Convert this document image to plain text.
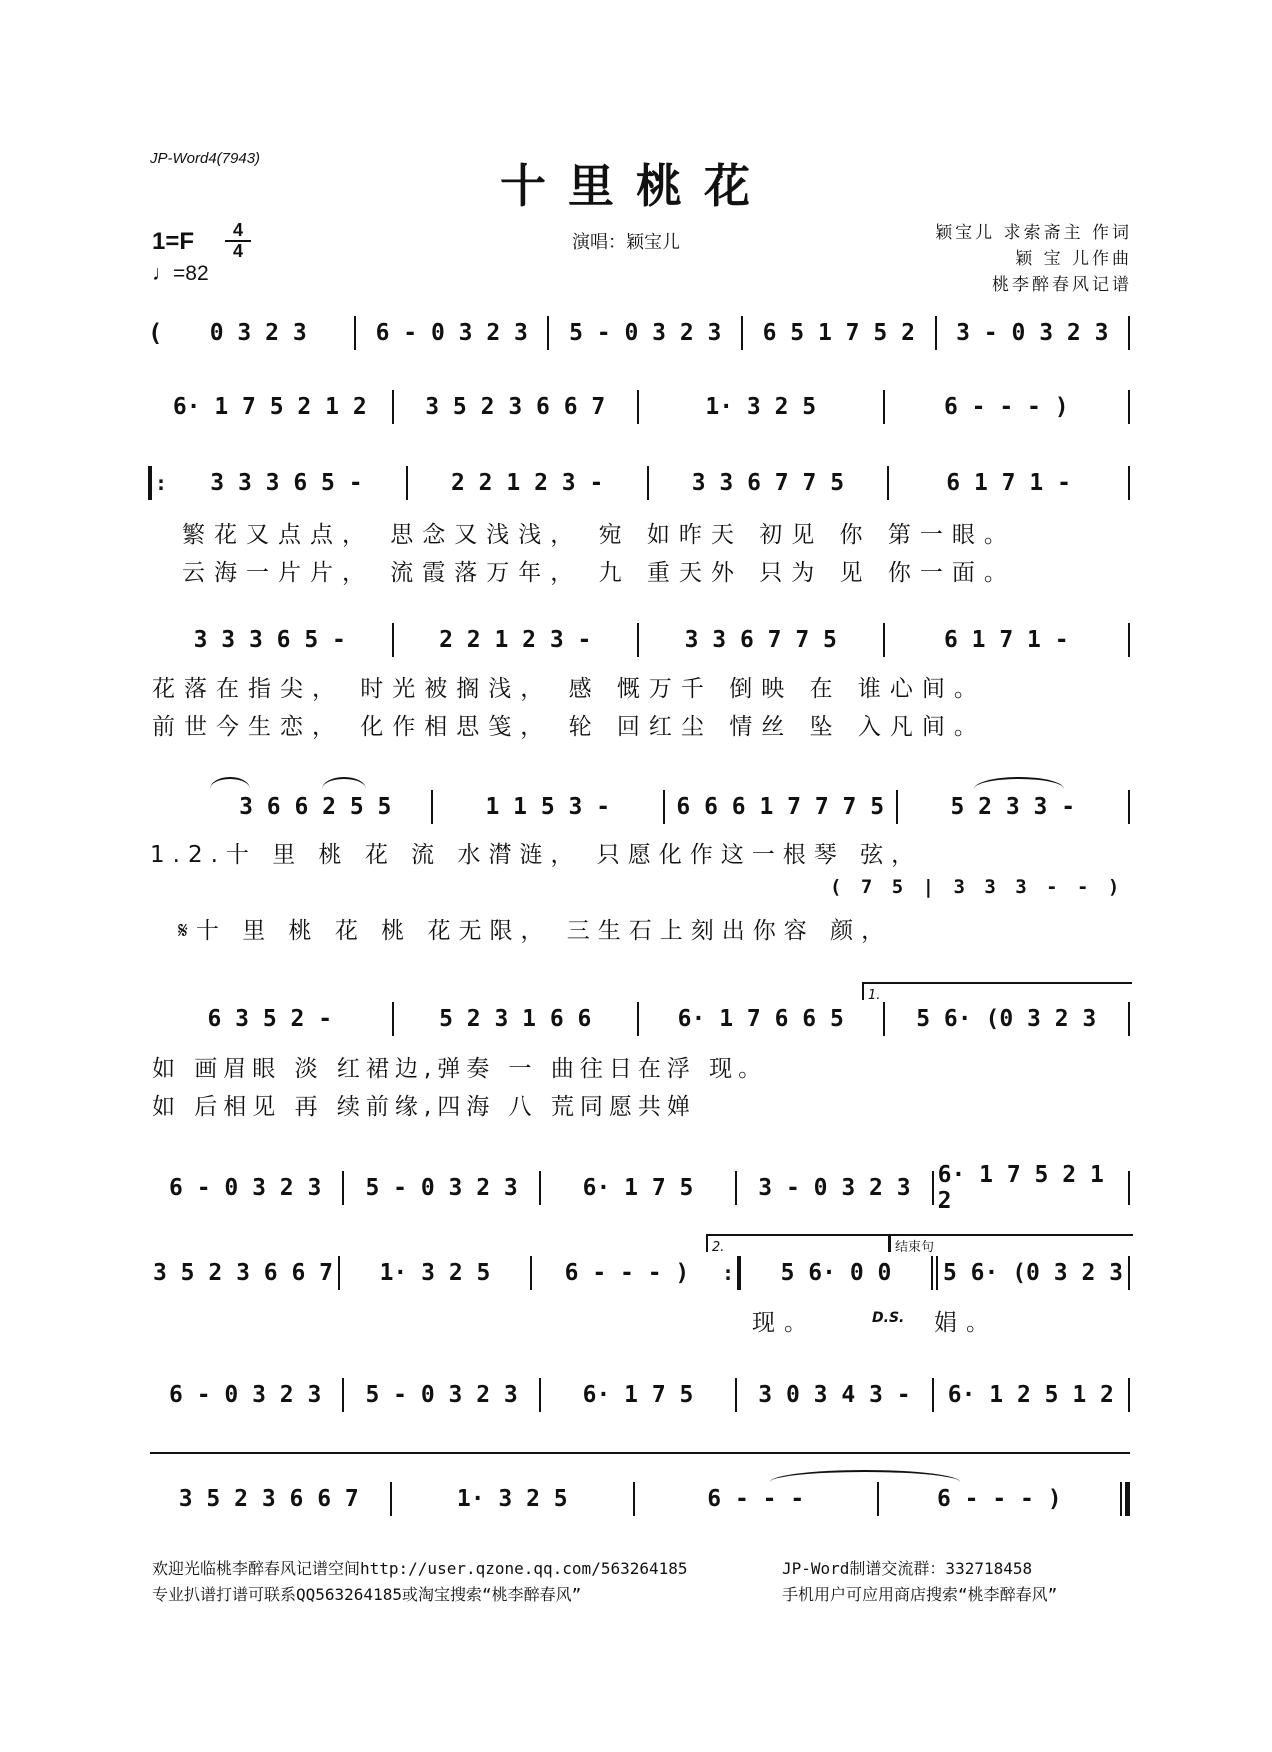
JP-Word4(7943)
十里桃花
1=F	4
4
♩=82
演唱：颖宝儿	颖宝儿 求索斋主 作词
颖 宝 儿作曲
桃李醉春风记谱
(	0 3 2 3	6 - 0 3 2 3	5 - 0 3 2 3	6 5 1 7 5 2	3 - 0 3 2 3
6· 1 7 5 2 1 2	3 5 2 3 6 6 7	1· 3 2 5	6 - - - )
:	3 3 3 6 5 -	2 2 1 2 3 -	3 3 6 7 7 5	6 1 7 1 -
繁花又点点， 思念又浅浅， 宛 如昨天 初见 你 第一眼。
云海一片片， 流霞落万年， 九 重天外 只为 见 你一面。
3 3 3 6 5 -	2 2 1 2 3 -	3 3 6 7 7 5	6 1 7 1 -
花落在指尖， 时光被搁浅， 感 慨万千 倒映 在 谁心间。
前世今生恋， 化作相思笺， 轮 回红尘 情丝 坠 入凡间。
3 6 6 2 5 5	1 1 5 3 -	6 6 6 1 7 7 7 5	5 2 3 3 -
1.2.十 里 桃 花 流 水潸涟， 只愿化作这一根琴 弦，
( 7 5 | 3 3 3 - - )
𝄋十 里 桃 花 桃 花无限， 三生石上刻出你容 颜，
1.
6 3 5 2 -	5 2 3 1 6 6	6· 1 7 6 6 5	5 6· (0 3 2 3
如 画眉眼 淡 红裙边,弹奏 一 曲往日在浮 现。
如 后相见 再 续前缘,四海 八 荒同愿共婵
6 - 0 3 2 3	5 - 0 3 2 3	6· 1 7 5	3 - 0 3 2 3	6· 1 7 5 2 1 2
2.	结束句
3 5 2 3 6 6 7	1· 3 2 5	6 - - - )	:	5 6· 0 0	5 6· (0 3 2 3
现。	D.S. 娟。
6 - 0 3 2 3	5 - 0 3 2 3	6· 1 7 5	3 0 3 4 3 -	6· 1 2 5 1 2
3 5 2 3 6 6 7	1· 3 2 5	6 - - -	6 - - - )
欢迎光临桃李醉春风记谱空间http://user.qzone.qq.com/563264185	JP-Word制谱交流群：332718458
专业扒谱打谱可联系QQ563264185或淘宝搜索“桃李醉春风”	手机用户可应用商店搜索“桃李醉春风”
